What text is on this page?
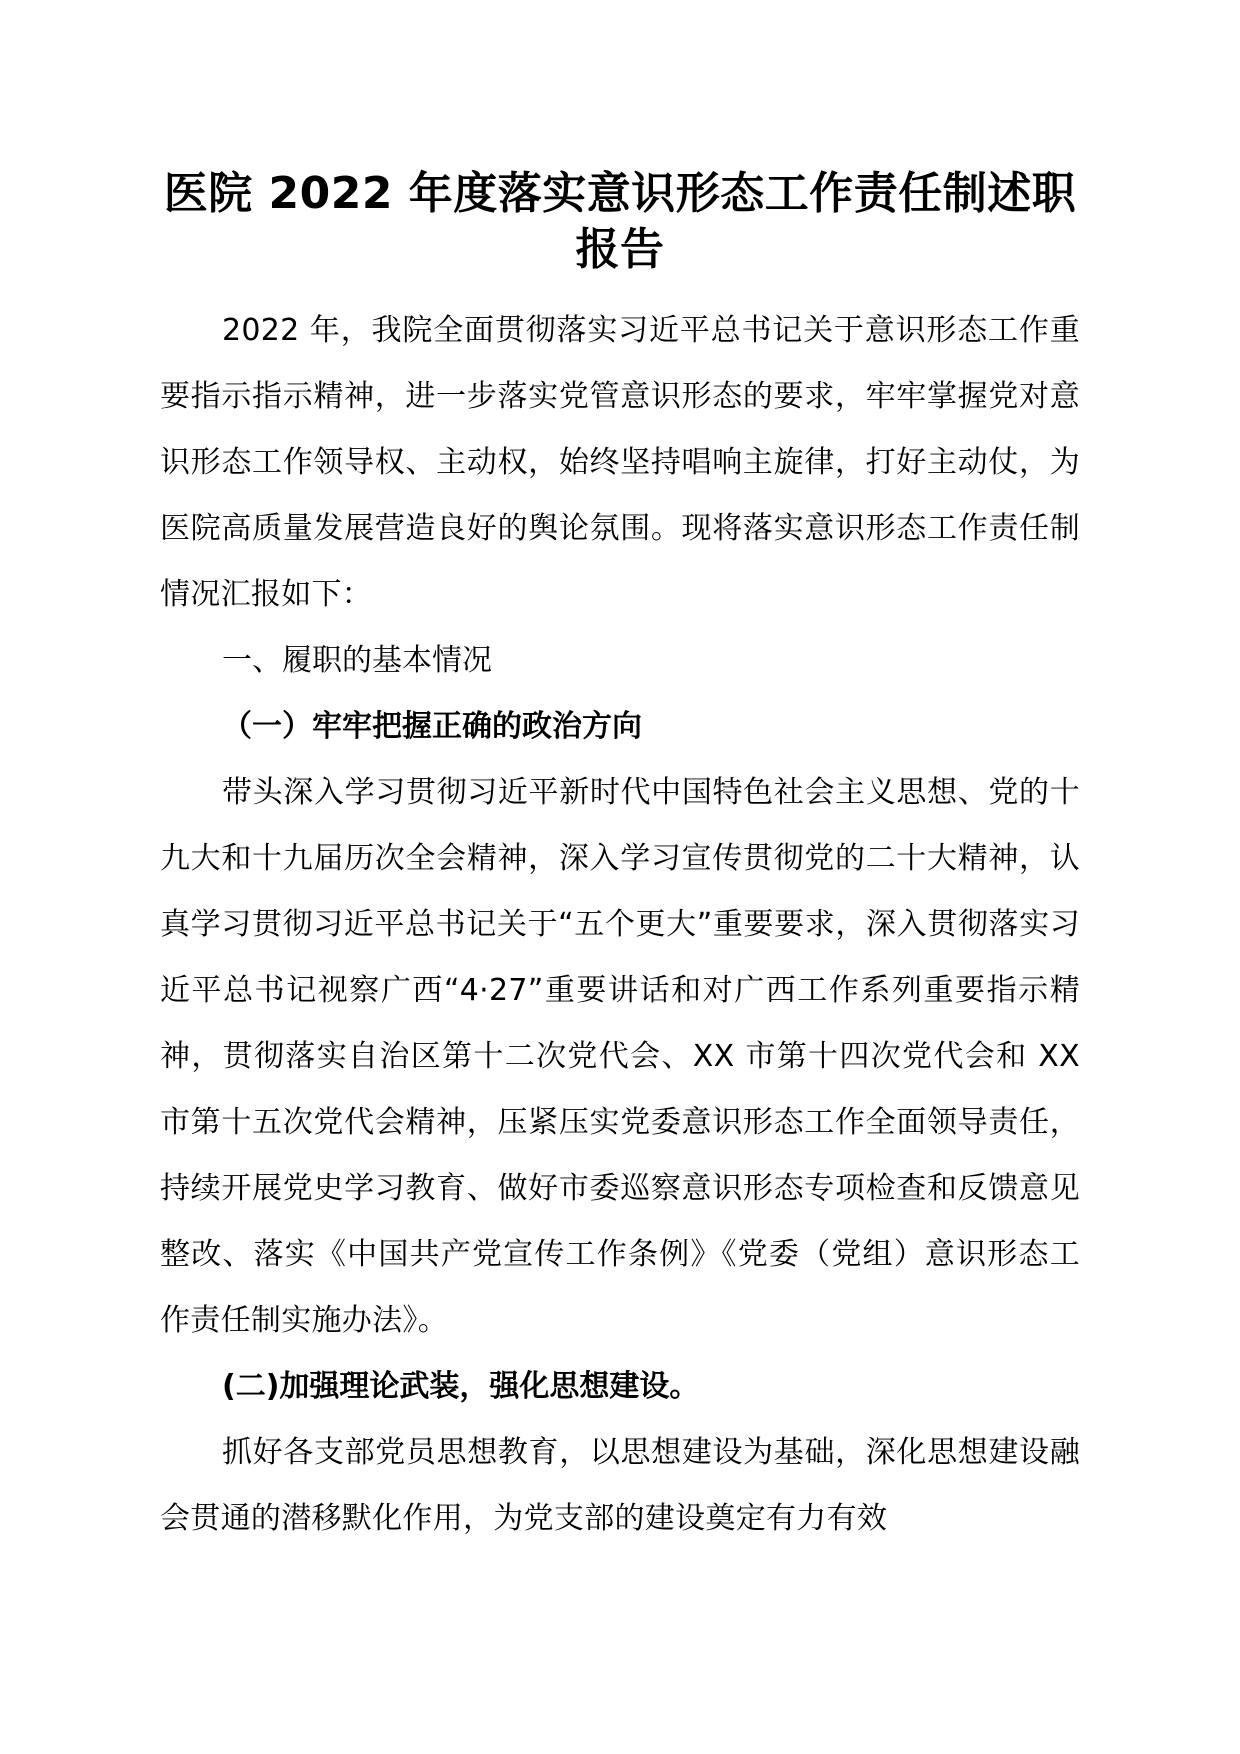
医院 2022 年度落实意识形态工作责任制述职报告

2022 年，我院全面贯彻落实习近平总书记关于意识形态工作重要指示指示精神，进一步落实党管意识形态的要求，牢牢掌握党对意识形态工作领导权、主动权，始终坚持唱响主旋律，打好主动仗，为医院高质量发展营造良好的舆论氛围。现将落实意识形态工作责任制情况汇报如下：

一、履职的基本情况

（一）牢牢把握正确的政治方向

带头深入学习贯彻习近平新时代中国特色社会主义思想、党的十九大和十九届历次全会精神，深入学习宣传贯彻党的二十大精神，认真学习贯彻习近平总书记关于“五个更大”重要要求，深入贯彻落实习近平总书记视察广西“4·27”重要讲话和对广西工作系列重要指示精神，贯彻落实自治区第十二次党代会、XX 市第十四次党代会和 XX 市第十五次党代会精神，压紧压实党委意识形态工作全面领导责任，持续开展党史学习教育、做好市委巡察意识形态专项检查和反馈意见整改、落实《中国共产党宣传工作条例》《党委（党组）意识形态工作责任制实施办法》。

(二)加强理论武装，强化思想建设。

抓好各支部党员思想教育，以思想建设为基础，深化思想建设融会贯通的潜移默化作用，为党支部的建设奠定有力有效
